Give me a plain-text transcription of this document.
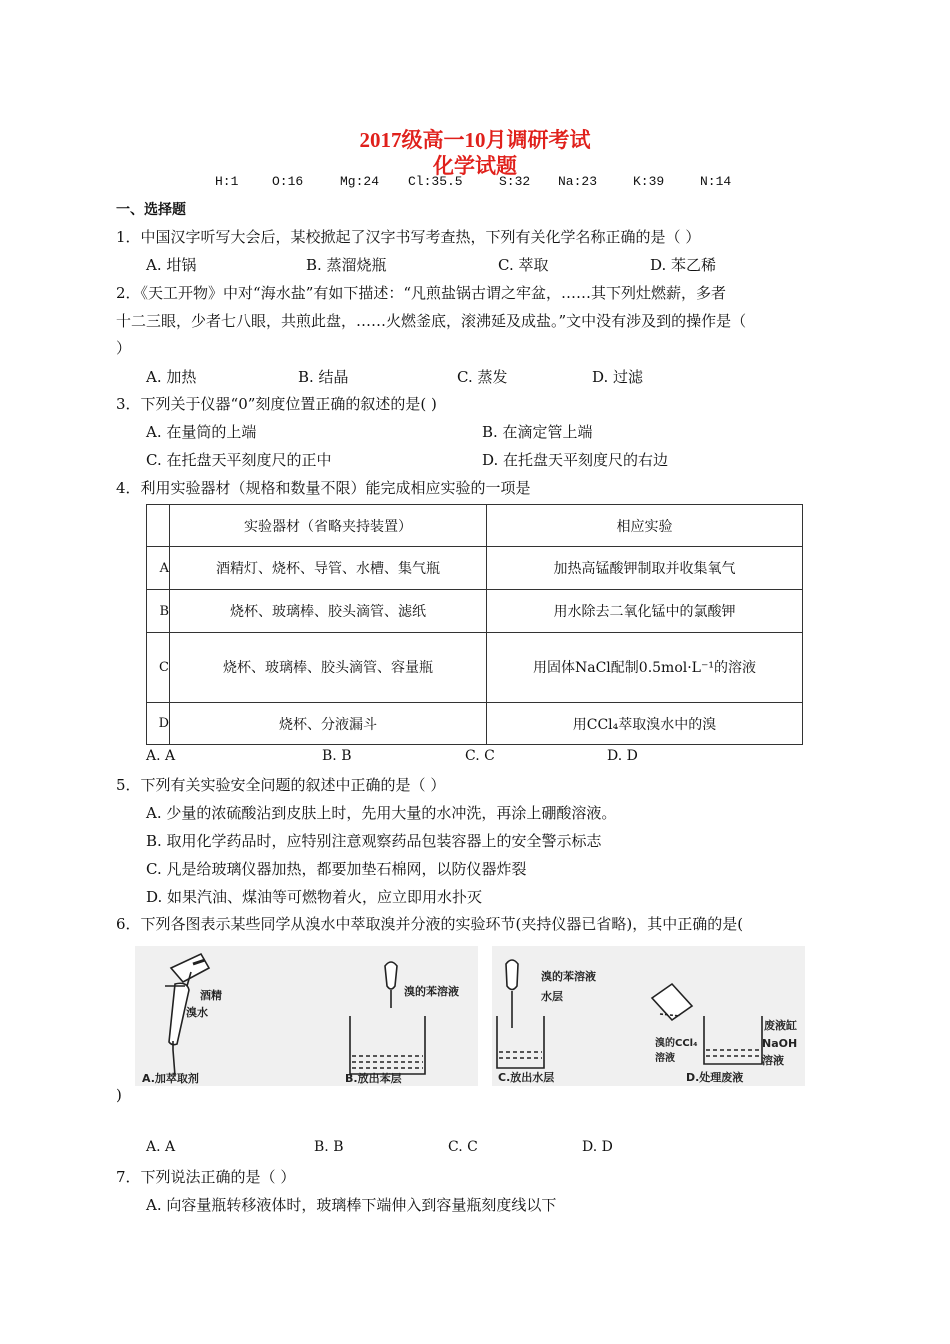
2017级高一10月调研考试
化学试题
H:1	O:16	Mg:24 Cl:35.5	S:32 Na:23	K:39	N:14
一、选择题
1．中国汉字听写大会后，某校掀起了汉字书写考查热，下列有关化学名称正确的是（ ）
A. 坩锅	B. 蒸溜烧瓶	C. 萃取	D. 苯乙稀
2．《天工开物》中对“海水盐”有如下描述：“凡煎盐锅古谓之牢盆，……其下列灶燃薪，多者
十二三眼，少者七八眼，共煎此盘，……火燃釜底，滚沸延及成盐。”文中没有涉及到的操作是（
）
A. 加热	B. 结晶	C. 蒸发	D. 过滤
3．下列关于仪器“0”刻度位置正确的叙述的是( )
A. 在量筒的上端	B. 在滴定管上端
C. 在托盘天平刻度尺的正中	D. 在托盘天平刻度尺的右边
4．利用实验器材（规格和数量不限）能完成相应实验的一项是
	实验器材（省略夹持装置）	相应实验
A	酒精灯、烧杯、导管、水槽、集气瓶	加热高锰酸钾制取并收集氧气
B	烧杯、玻璃棒、胶头滴管、滤纸	用水除去二氧化锰中的氯酸钾
C	烧杯、玻璃棒、胶头滴管、容量瓶	用固体NaCl配制0.5mol·L⁻¹的溶液
D	烧杯、分液漏斗	用CCl₄萃取溴水中的溴
A. A	B. B	C. C	D. D
5．下列有关实验安全问题的叙述中正确的是（ ）
A. 少量的浓硫酸沾到皮肤上时，先用大量的水冲洗，再涂上硼酸溶液。
B. 取用化学药品时，应特别注意观察药品包装容器上的安全警示标志
C. 凡是给玻璃仪器加热，都要加垫石棉网，以防仪器炸裂
D. 如果汽油、煤油等可燃物着火，应立即用水扑灭
6．下列各图表示某些同学从溴水中萃取溴并分液的实验环节(夹持仪器已省略)，其中正确的是(
酒精
溴水
A.加萃取剂
溴的苯溶液
B.放出苯层
溴的苯溶液
水层
C.放出水层
溴的CCl₄
溶液
废液缸
NaOH
溶液
D.处理废液
)
A. A	B. B	C. C	D. D
7．下列说法正确的是（ ）
A. 向容量瓶转移液体时，玻璃棒下端伸入到容量瓶刻度线以下
